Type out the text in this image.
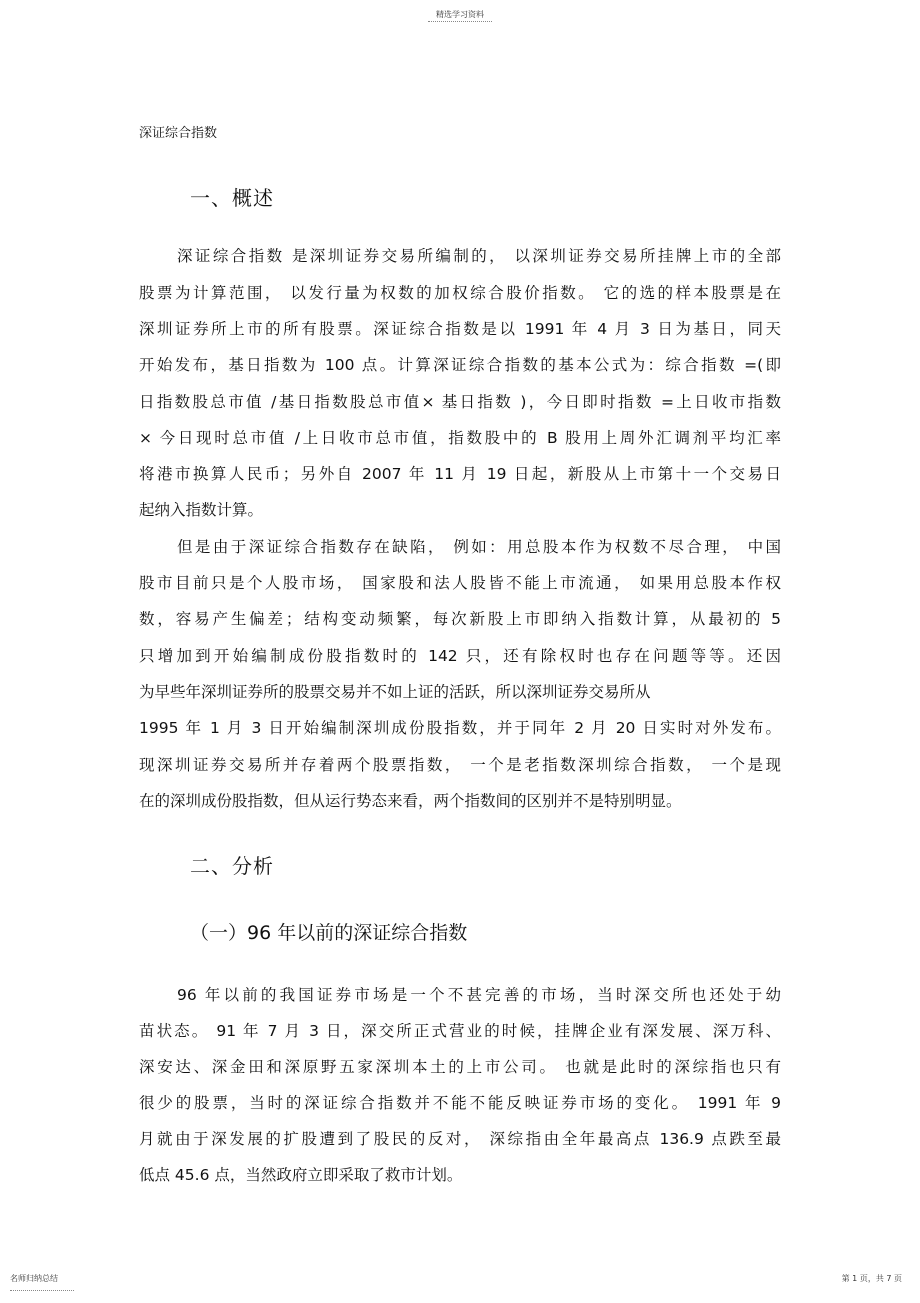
精选学习资料
深证综合指数
一、概述
深证综合指数 是深圳证券交易所编制的， 以深圳证券交易所挂牌上市的全部
股票为计算范围， 以发行量为权数的加权综合股价指数。 它的选的样本股票是在
深圳证券所上市的所有股票。深证综合指数是以 1991 年 4 月 3 日为基日，同天
开始发布，基日指数为 100 点。计算深证综合指数的基本公式为：综合指数 =(即
日指数股总市值 /基日指数股总市值× 基日指数 )，今日即时指数 =上日收市指数
× 今日现时总市值 /上日收市总市值，指数股中的 B 股用上周外汇调剂平均汇率
将港市换算人民币；另外自 2007 年 11 月 19 日起，新股从上市第十一个交易日
起纳入指数计算。
但是由于深证综合指数存在缺陷， 例如：用总股本作为权数不尽合理， 中国
股市目前只是个人股市场， 国家股和法人股皆不能上市流通， 如果用总股本作权
数，容易产生偏差；结构变动频繁，每次新股上市即纳入指数计算，从最初的 5
只增加到开始编制成份股指数时的 142 只，还有除权时也存在问题等等。还因
为早些年深圳证券所的股票交易并不如上证的活跃，所以深圳证券交易所从
1995 年 1 月 3 日开始编制深圳成份股指数，并于同年 2 月 20 日实时对外发布。
现深圳证券交易所并存着两个股票指数， 一个是老指数深圳综合指数， 一个是现
在的深圳成份股指数，但从运行势态来看，两个指数间的区别并不是特别明显。
二、分析
（一）96 年以前的深证综合指数
96 年以前的我国证券市场是一个不甚完善的市场，当时深交所也还处于幼
苗状态。 91 年 7 月 3 日，深交所正式营业的时候，挂牌企业有深发展、深万科、
深安达、深金田和深原野五家深圳本土的上市公司。 也就是此时的深综指也只有
很少的股票，当时的深证综合指数并不能不能反映证券市场的变化。 1991 年 9
月就由于深发展的扩股遭到了股民的反对， 深综指由全年最高点 136.9 点跌至最
低点 45.6 点，当然政府立即采取了救市计划。
名师归纳总结	第 1 页，共 7 页
